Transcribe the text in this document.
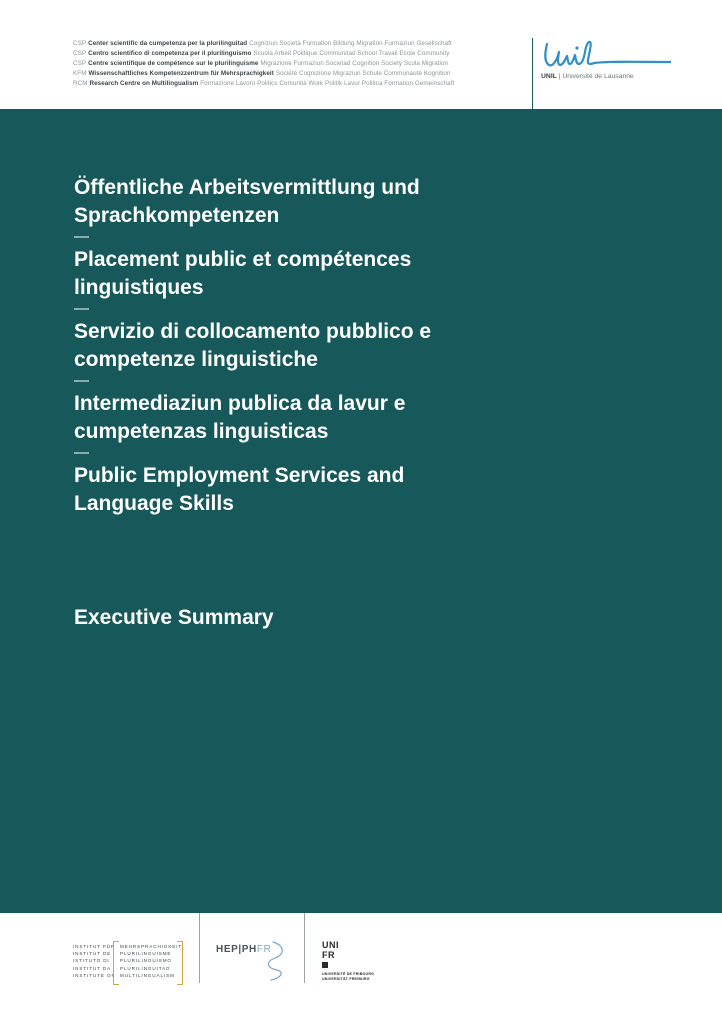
CSP Center scientific da cumpetenza per la plurilinguitad Cogniziun Società Formation Bildung Migration Furmaziun Gesellschaft
CSP Centro scientifico di competenza per il plurilinguismo Scuola Arbeit Politique Communitad School Travail Ecole Community
CSP Centre scientifique de compétence sur le plurilinguisme Migrazione Furmaziun Societad Cognition Society Scola Migration
KFM Wissenschaftliches Kompetenzzentrum für Mehrsprachigkeit Société Cognizione Migraziun Schule Communauté Kognition
RCM Research Centre on Multilingualism Formazione Lavoro Politics Comunità Work Politik Lavur Politica Formation Gemeinschaft
UNIL | Université de Lausanne

Öffentliche Arbeitsvermittlung und
Sprachkompetenzen

—

Placement public et compétences
linguistiques

—

Servizio di collocamento pubblico e
competenze linguistiche

—

Intermediaziun publica da lavur e
cumpetenzas linguisticas

—

Public Employment Services and
Language Skills

Executive Summary
INSTITUT FÜR
INSTITUT DE
ISTITUTO DI
INSTITUT DA
INSTITUTE OF
MEHRSPRACHIGKEIT
PLURILINGUISME
PLURILINGUISMO
PLURILINGUITAD
MULTILINGUALISM
HEP|PHFR	UNI
FR
UNIVERSITÉ DE FRIBOURG
UNIVERSITÄT FREIBURG
